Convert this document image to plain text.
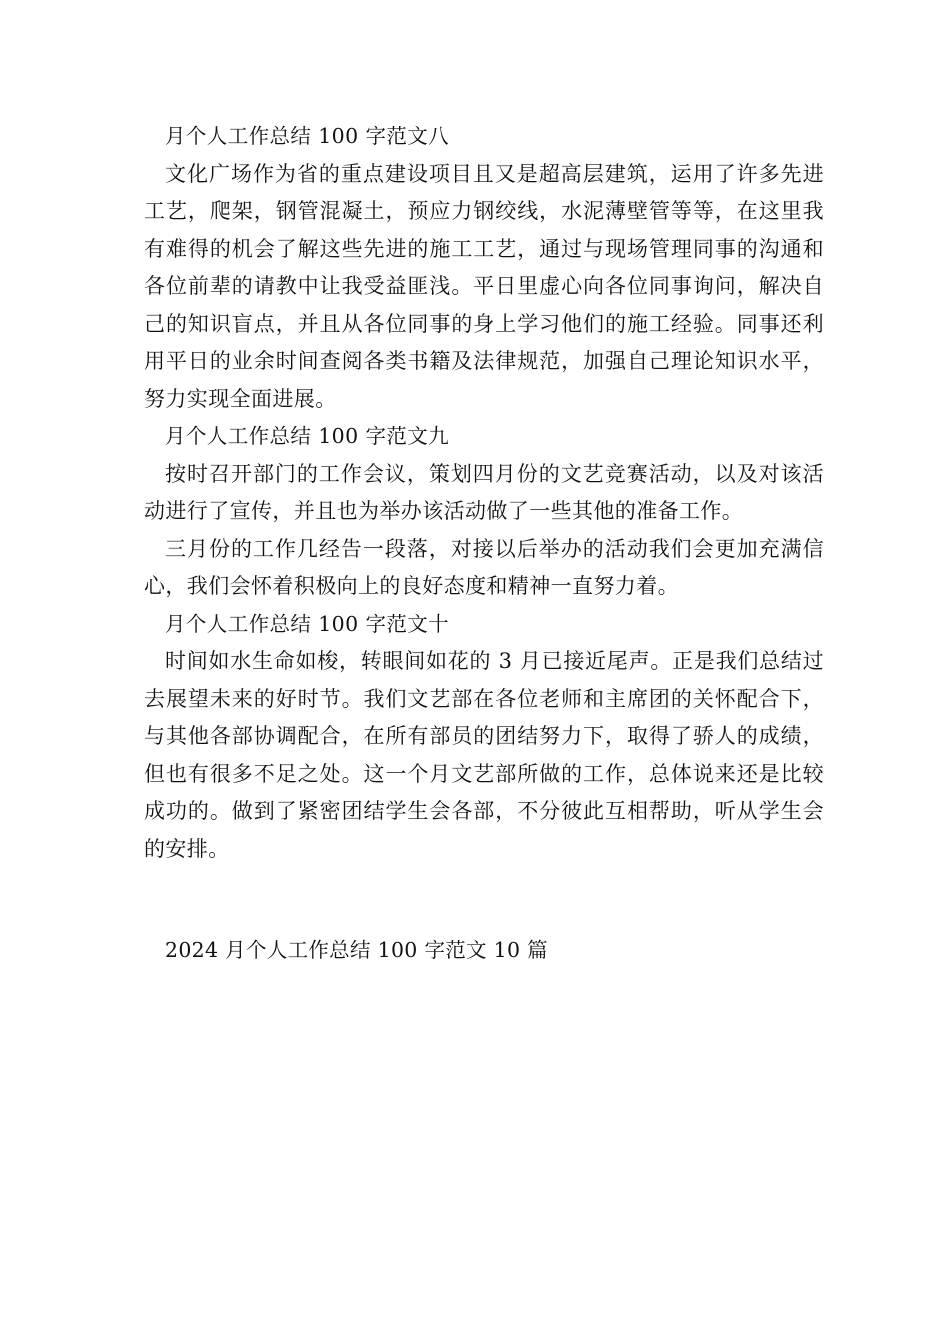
月个人工作总结 100 字范文八

文化广场作为省的重点建设项目且又是超高层建筑，运用了许多先进工艺，爬架，钢管混凝土，预应力钢绞线，水泥薄壁管等等，在这里我有难得的机会了解这些先进的施工工艺，通过与现场管理同事的沟通和各位前辈的请教中让我受益匪浅。平日里虚心向各位同事询问，解决自己的知识盲点，并且从各位同事的身上学习他们的施工经验。同事还利用平日的业余时间查阅各类书籍及法律规范，加强自己理论知识水平，努力实现全面进展。

月个人工作总结 100 字范文九

按时召开部门的工作会议，策划四月份的文艺竞赛活动，以及对该活动进行了宣传，并且也为举办该活动做了一些其他的准备工作。

三月份的工作几经告一段落，对接以后举办的活动我们会更加充满信心，我们会怀着积极向上的良好态度和精神一直努力着。

月个人工作总结 100 字范文十

时间如水生命如梭，转眼间如花的 3 月已接近尾声。正是我们总结过去展望未来的好时节。我们文艺部在各位老师和主席团的关怀配合下，与其他各部协调配合，在所有部员的团结努力下，取得了骄人的成绩，但也有很多不足之处。这一个月文艺部所做的工作，总体说来还是比较成功的。做到了紧密团结学生会各部，不分彼此互相帮助，听从学生会的安排。

2024 月个人工作总结 100 字范文 10 篇
